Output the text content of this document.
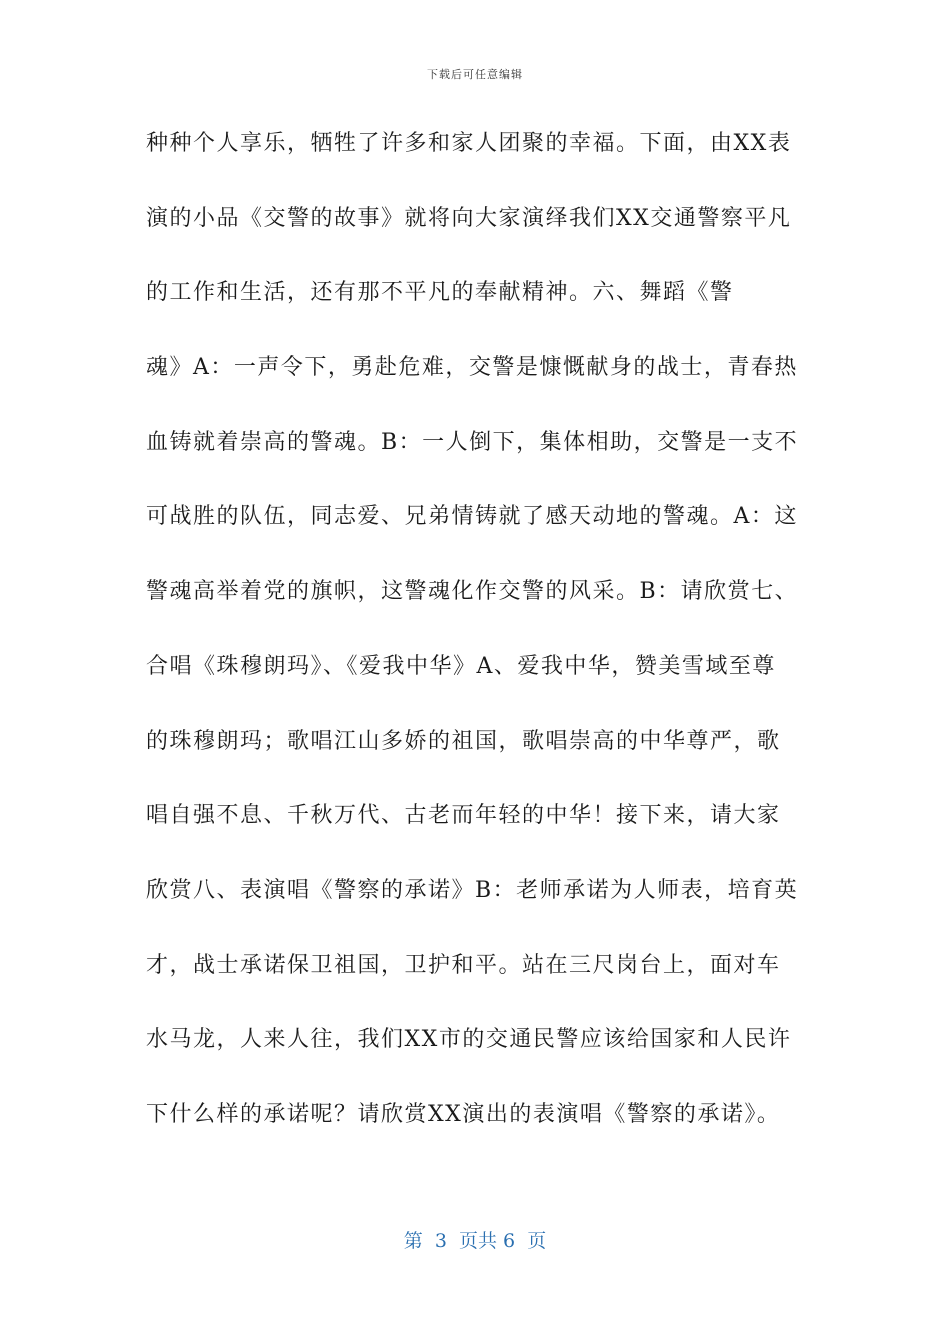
下载后可任意编辑
种种个人享乐，牺牲了许多和家人团聚的幸福。下面，由XX表
演的小品《交警的故事》就将向大家演绎我们XX交通警察平凡
的工作和生活，还有那不平凡的奉献精神。六、舞蹈《警
魂》A：一声令下，勇赴危难，交警是慷慨献身的战士，青春热
血铸就着崇高的警魂。B：一人倒下，集体相助，交警是一支不
可战胜的队伍，同志爱、兄弟情铸就了感天动地的警魂。A：这
警魂高举着党的旗帜，这警魂化作交警的风采。B：请欣赏七、
合唱《珠穆朗玛》、《爱我中华》A、爱我中华，赞美雪域至尊
的珠穆朗玛；歌唱江山多娇的祖国，歌唱崇高的中华尊严，歌
唱自强不息、千秋万代、古老而年轻的中华！接下来，请大家
欣赏八、表演唱《警察的承诺》B：老师承诺为人师表，培育英
才，战士承诺保卫祖国，卫护和平。站在三尺岗台上，面对车
水马龙，人来人往，我们XX市的交通民警应该给国家和人民许
下什么样的承诺呢？请欣赏XX演出的表演唱《警察的承诺》。
第  3  页共 6  页
